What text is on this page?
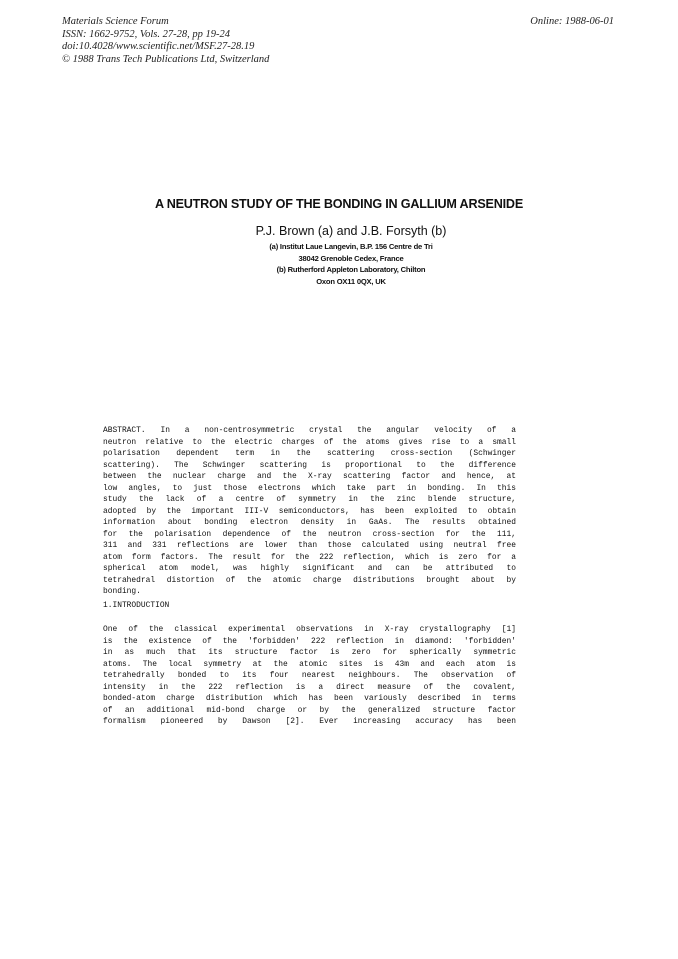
Materials Science Forum
ISSN: 1662-9752, Vols. 27-28, pp 19-24
doi:10.4028/www.scientific.net/MSF.27-28.19
© 1988 Trans Tech Publications Ltd, Switzerland
Online: 1988-06-01
A NEUTRON STUDY OF THE BONDING IN GALLIUM ARSENIDE
P.J. Brown (a) and J.B. Forsyth (b)
(a) Institut Laue Langevin, B.P. 156 Centre de Tri
38042 Grenoble Cedex, France
(b) Rutherford Appleton Laboratory, Chilton
Oxon OX11 0QX, UK
ABSTRACT. In a non-centrosymmetric crystal the angular velocity of a
neutron relative to the electric charges of the atoms gives rise to a small
polarisation dependent term in the scattering cross-section (Schwinger
scattering). The Schwinger scattering is proportional to the difference
between the nuclear charge and the X-ray scattering factor and hence, at
low angles, to just those electrons which take part in bonding. In this
study the lack of a centre of symmetry in the zinc blende structure,
adopted by the important III-V semiconductors, has been exploited to obtain
information about bonding electron density in GaAs. The results obtained
for the polarisation dependence of the neutron cross-section for the 111,
311 and 331 reflections are lower than those calculated using neutral free
atom form factors. The result for the 222 reflection, which is zero for a
spherical atom model, was highly significant and can be attributed to
tetrahedral distortion of the atomic charge distributions brought about by
bonding.
1.INTRODUCTION
One of the classical experimental observations in X-ray crystallography [1]
is the existence of the 'forbidden' 222 reflection in diamond: 'forbidden'
in as much that its structure factor is zero for spherically symmetric
atoms. The local symmetry at the atomic sites is 43m and each atom is
tetrahedrally bonded to its four nearest neighbours. The observation of
intensity in the 222 reflection is a direct measure of the covalent,
bonded-atom charge distribution which has been variously described in terms
of an additional mid-bond charge or by the generalized structure factor
formalism pioneered by Dawson [2]. Ever increasing accuracy has been
